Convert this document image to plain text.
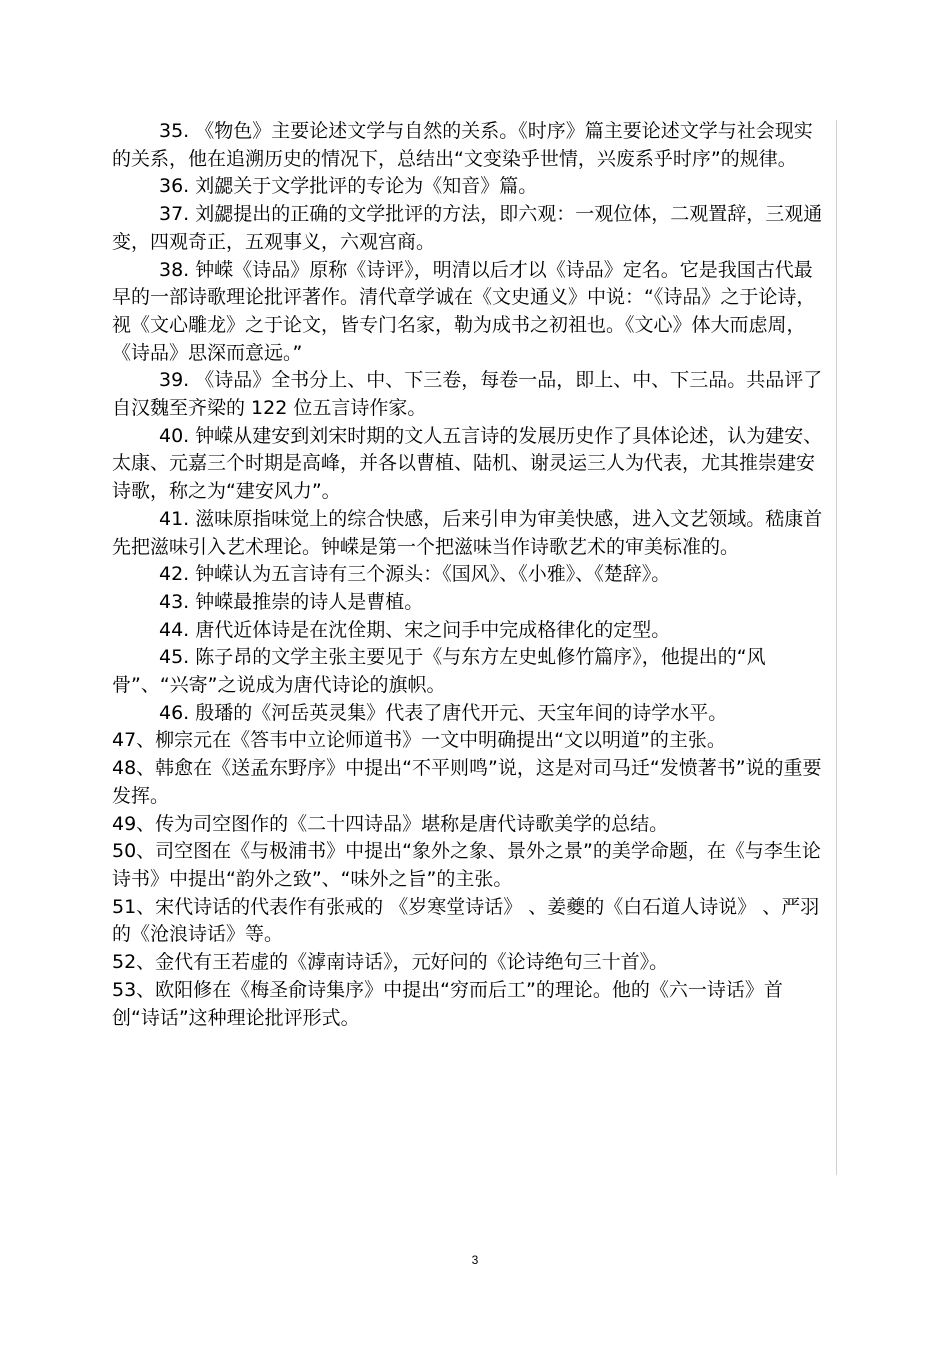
35. 《物色》主要论述文学与自然的关系。《时序》篇主要论述文学与社会现实的关系，他在追溯历史的情况下，总结出“文变染乎世情，兴废系乎时序”的规律。

36. 刘勰关于文学批评的专论为《知音》篇。

37. 刘勰提出的正确的文学批评的方法，即六观：一观位体，二观置辞，三观通变，四观奇正，五观事义，六观宫商。

38. 钟嵘《诗品》原称《诗评》，明清以后才以《诗品》定名。它是我国古代最早的一部诗歌理论批评著作。清代章学诚在《文史通义》中说：“《诗品》之于论诗，视《文心雕龙》之于论文，皆专门名家，勒为成书之初祖也。《文心》体大而虑周，《诗品》思深而意远。”

39. 《诗品》全书分上、中、下三卷，每卷一品，即上、中、下三品。共品评了自汉魏至齐梁的 122 位五言诗作家。

40. 钟嵘从建安到刘宋时期的文人五言诗的发展历史作了具体论述，认为建安、太康、元嘉三个时期是高峰，并各以曹植、陆机、谢灵运三人为代表，尤其推崇建安诗歌，称之为“建安风力”。

41. 滋味原指味觉上的综合快感，后来引申为审美快感，进入文艺领域。嵇康首先把滋味引入艺术理论。钟嵘是第一个把滋味当作诗歌艺术的审美标准的。

42. 钟嵘认为五言诗有三个源头：《国风》、《小雅》、《楚辞》。

43. 钟嵘最推崇的诗人是曹植。

44. 唐代近体诗是在沈佺期、宋之问手中完成格律化的定型。

45. 陈子昂的文学主张主要见于《与东方左史虬修竹篇序》，他提出的“风骨”、“兴寄”之说成为唐代诗论的旗帜。

46. 殷璠的《河岳英灵集》代表了唐代开元、天宝年间的诗学水平。

47、柳宗元在《答韦中立论师道书》一文中明确提出“文以明道”的主张。

48、韩愈在《送孟东野序》中提出“不平则鸣”说，这是对司马迁“发愤著书”说的重要发挥。

49、传为司空图作的《二十四诗品》堪称是唐代诗歌美学的总结。

50、司空图在《与极浦书》中提出“象外之象、景外之景”的美学命题，在《与李生论诗书》中提出“韵外之致”、“味外之旨”的主张。

51、宋代诗话的代表作有张戒的 《岁寒堂诗话》 、姜夔的《白石道人诗说》 、严羽的《沧浪诗话》等。

52、金代有王若虚的《滹南诗话》，元好问的《论诗绝句三十首》。

53、欧阳修在《梅圣俞诗集序》中提出“穷而后工”的理论。他的《六一诗话》首创“诗话”这种理论批评形式。

3
